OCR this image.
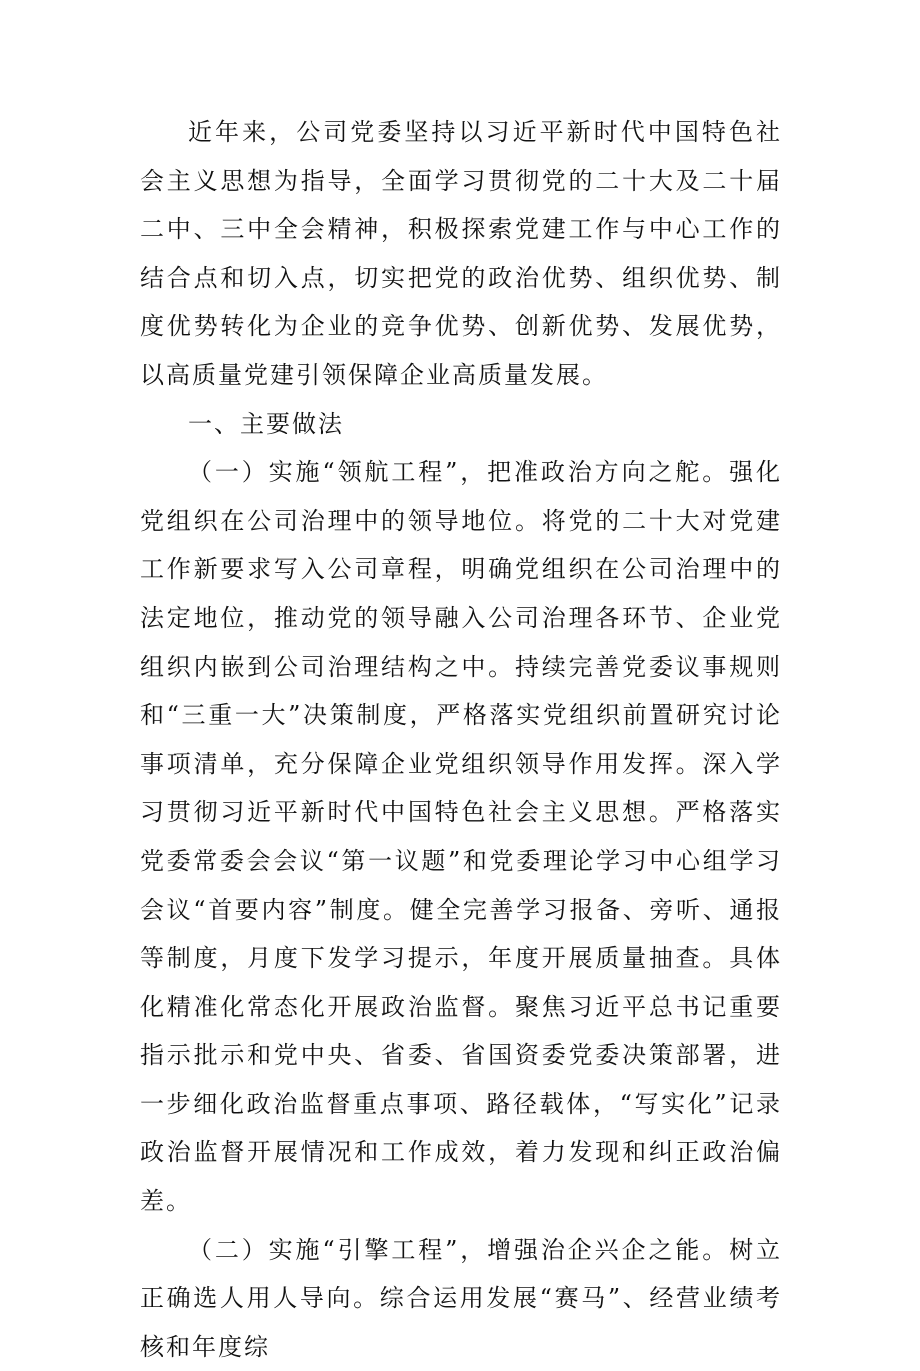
近年来，公司党委坚持以习近平新时代中国特色社会主义思想为指导，全面学习贯彻党的二十大及二十届二中、三中全会精神，积极探索党建工作与中心工作的结合点和切入点，切实把党的政治优势、组织优势、制度优势转化为企业的竞争优势、创新优势、发展优势，以高质量党建引领保障企业高质量发展。

一、主要做法

（一）实施“领航工程”，把准政治方向之舵。强化党组织在公司治理中的领导地位。将党的二十大对党建工作新要求写入公司章程，明确党组织在公司治理中的法定地位，推动党的领导融入公司治理各环节、企业党组织内嵌到公司治理结构之中。持续完善党委议事规则和“三重一大”决策制度，严格落实党组织前置研究讨论事项清单，充分保障企业党组织领导作用发挥。深入学习贯彻习近平新时代中国特色社会主义思想。严格落实党委常委会会议“第一议题”和党委理论学习中心组学习会议“首要内容”制度。健全完善学习报备、旁听、通报等制度，月度下发学习提示，年度开展质量抽查。具体化精准化常态化开展政治监督。聚焦习近平总书记重要指示批示和党中央、省委、省国资委党委决策部署，进一步细化政治监督重点事项、路径载体，“写实化”记录政治监督开展情况和工作成效，着力发现和纠正政治偏差。

（二）实施“引擎工程”，增强治企兴企之能。树立正确选人用人导向。综合运用发展“赛马”、经营业绩考核和年度综
